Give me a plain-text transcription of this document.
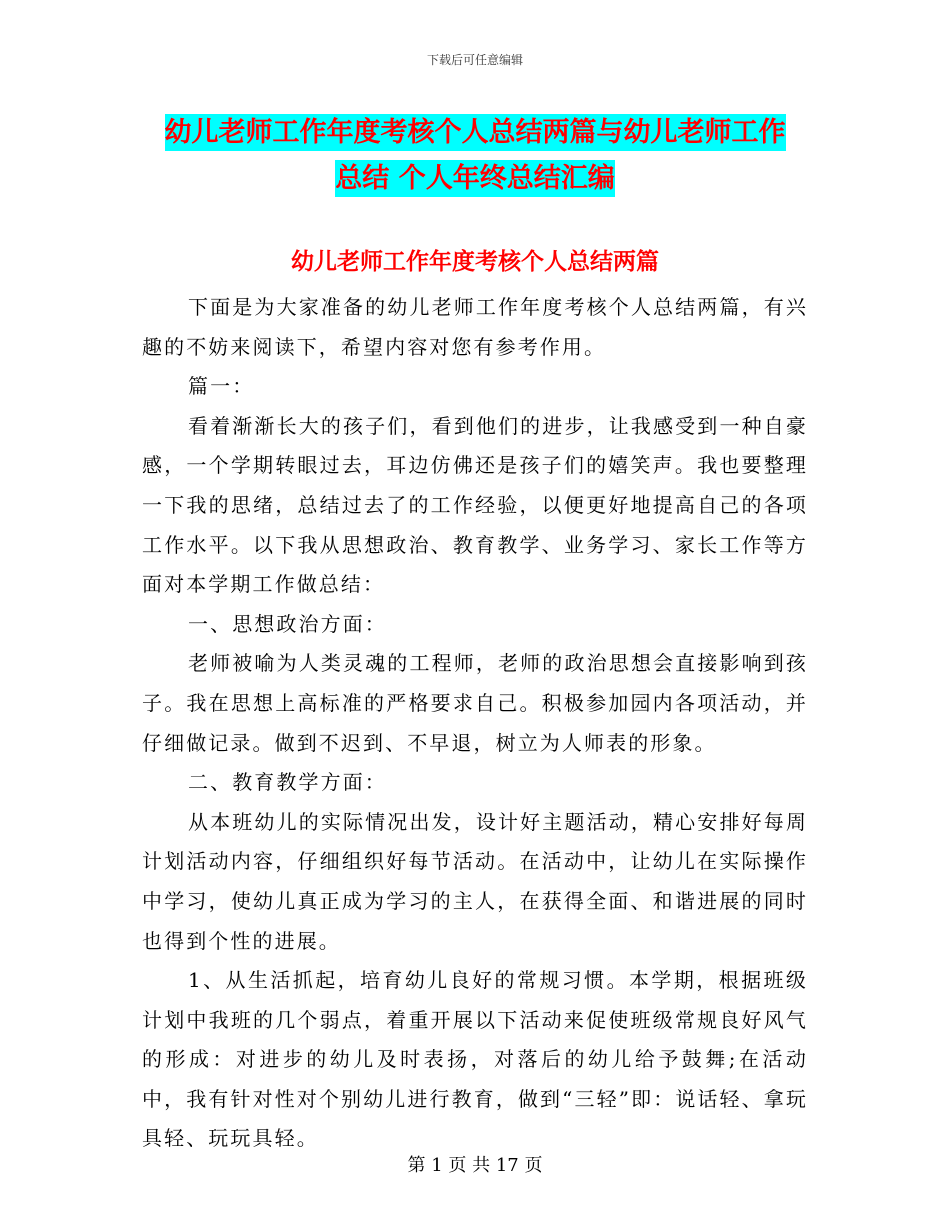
下载后可任意编辑
幼儿老师工作年度考核个人总结两篇与幼儿老师工作
总结 个人年终总结汇编
幼儿老师工作年度考核个人总结两篇

下面是为大家准备的幼儿老师工作年度考核个人总结两篇，有兴趣的不妨来阅读下，希望内容对您有参考作用。

篇一：

看着渐渐长大的孩子们，看到他们的进步，让我感受到一种自豪感，一个学期转眼过去，耳边仿佛还是孩子们的嬉笑声。我也要整理一下我的思绪，总结过去了的工作经验，以便更好地提高自己的各项工作水平。以下我从思想政治、教育教学、业务学习、家长工作等方面对本学期工作做总结：

一、思想政治方面：

老师被喻为人类灵魂的工程师，老师的政治思想会直接影响到孩子。我在思想上高标准的严格要求自己。积极参加园内各项活动，并仔细做记录。做到不迟到、不早退，树立为人师表的形象。

二、教育教学方面：

从本班幼儿的实际情况出发，设计好主题活动，精心安排好每周计划活动内容，仔细组织好每节活动。在活动中，让幼儿在实际操作中学习，使幼儿真正成为学习的主人，在获得全面、和谐进展的同时也得到个性的进展。

1、从生活抓起，培育幼儿良好的常规习惯。本学期，根据班级计划中我班的几个弱点，着重开展以下活动来促使班级常规良好风气的形成：对进步的幼儿及时表扬，对落后的幼儿给予鼓舞;在活动中，我有针对性对个别幼儿进行教育，做到“三轻”即：说话轻、拿玩具轻、玩玩具轻。

第 1 页 共 17 页
